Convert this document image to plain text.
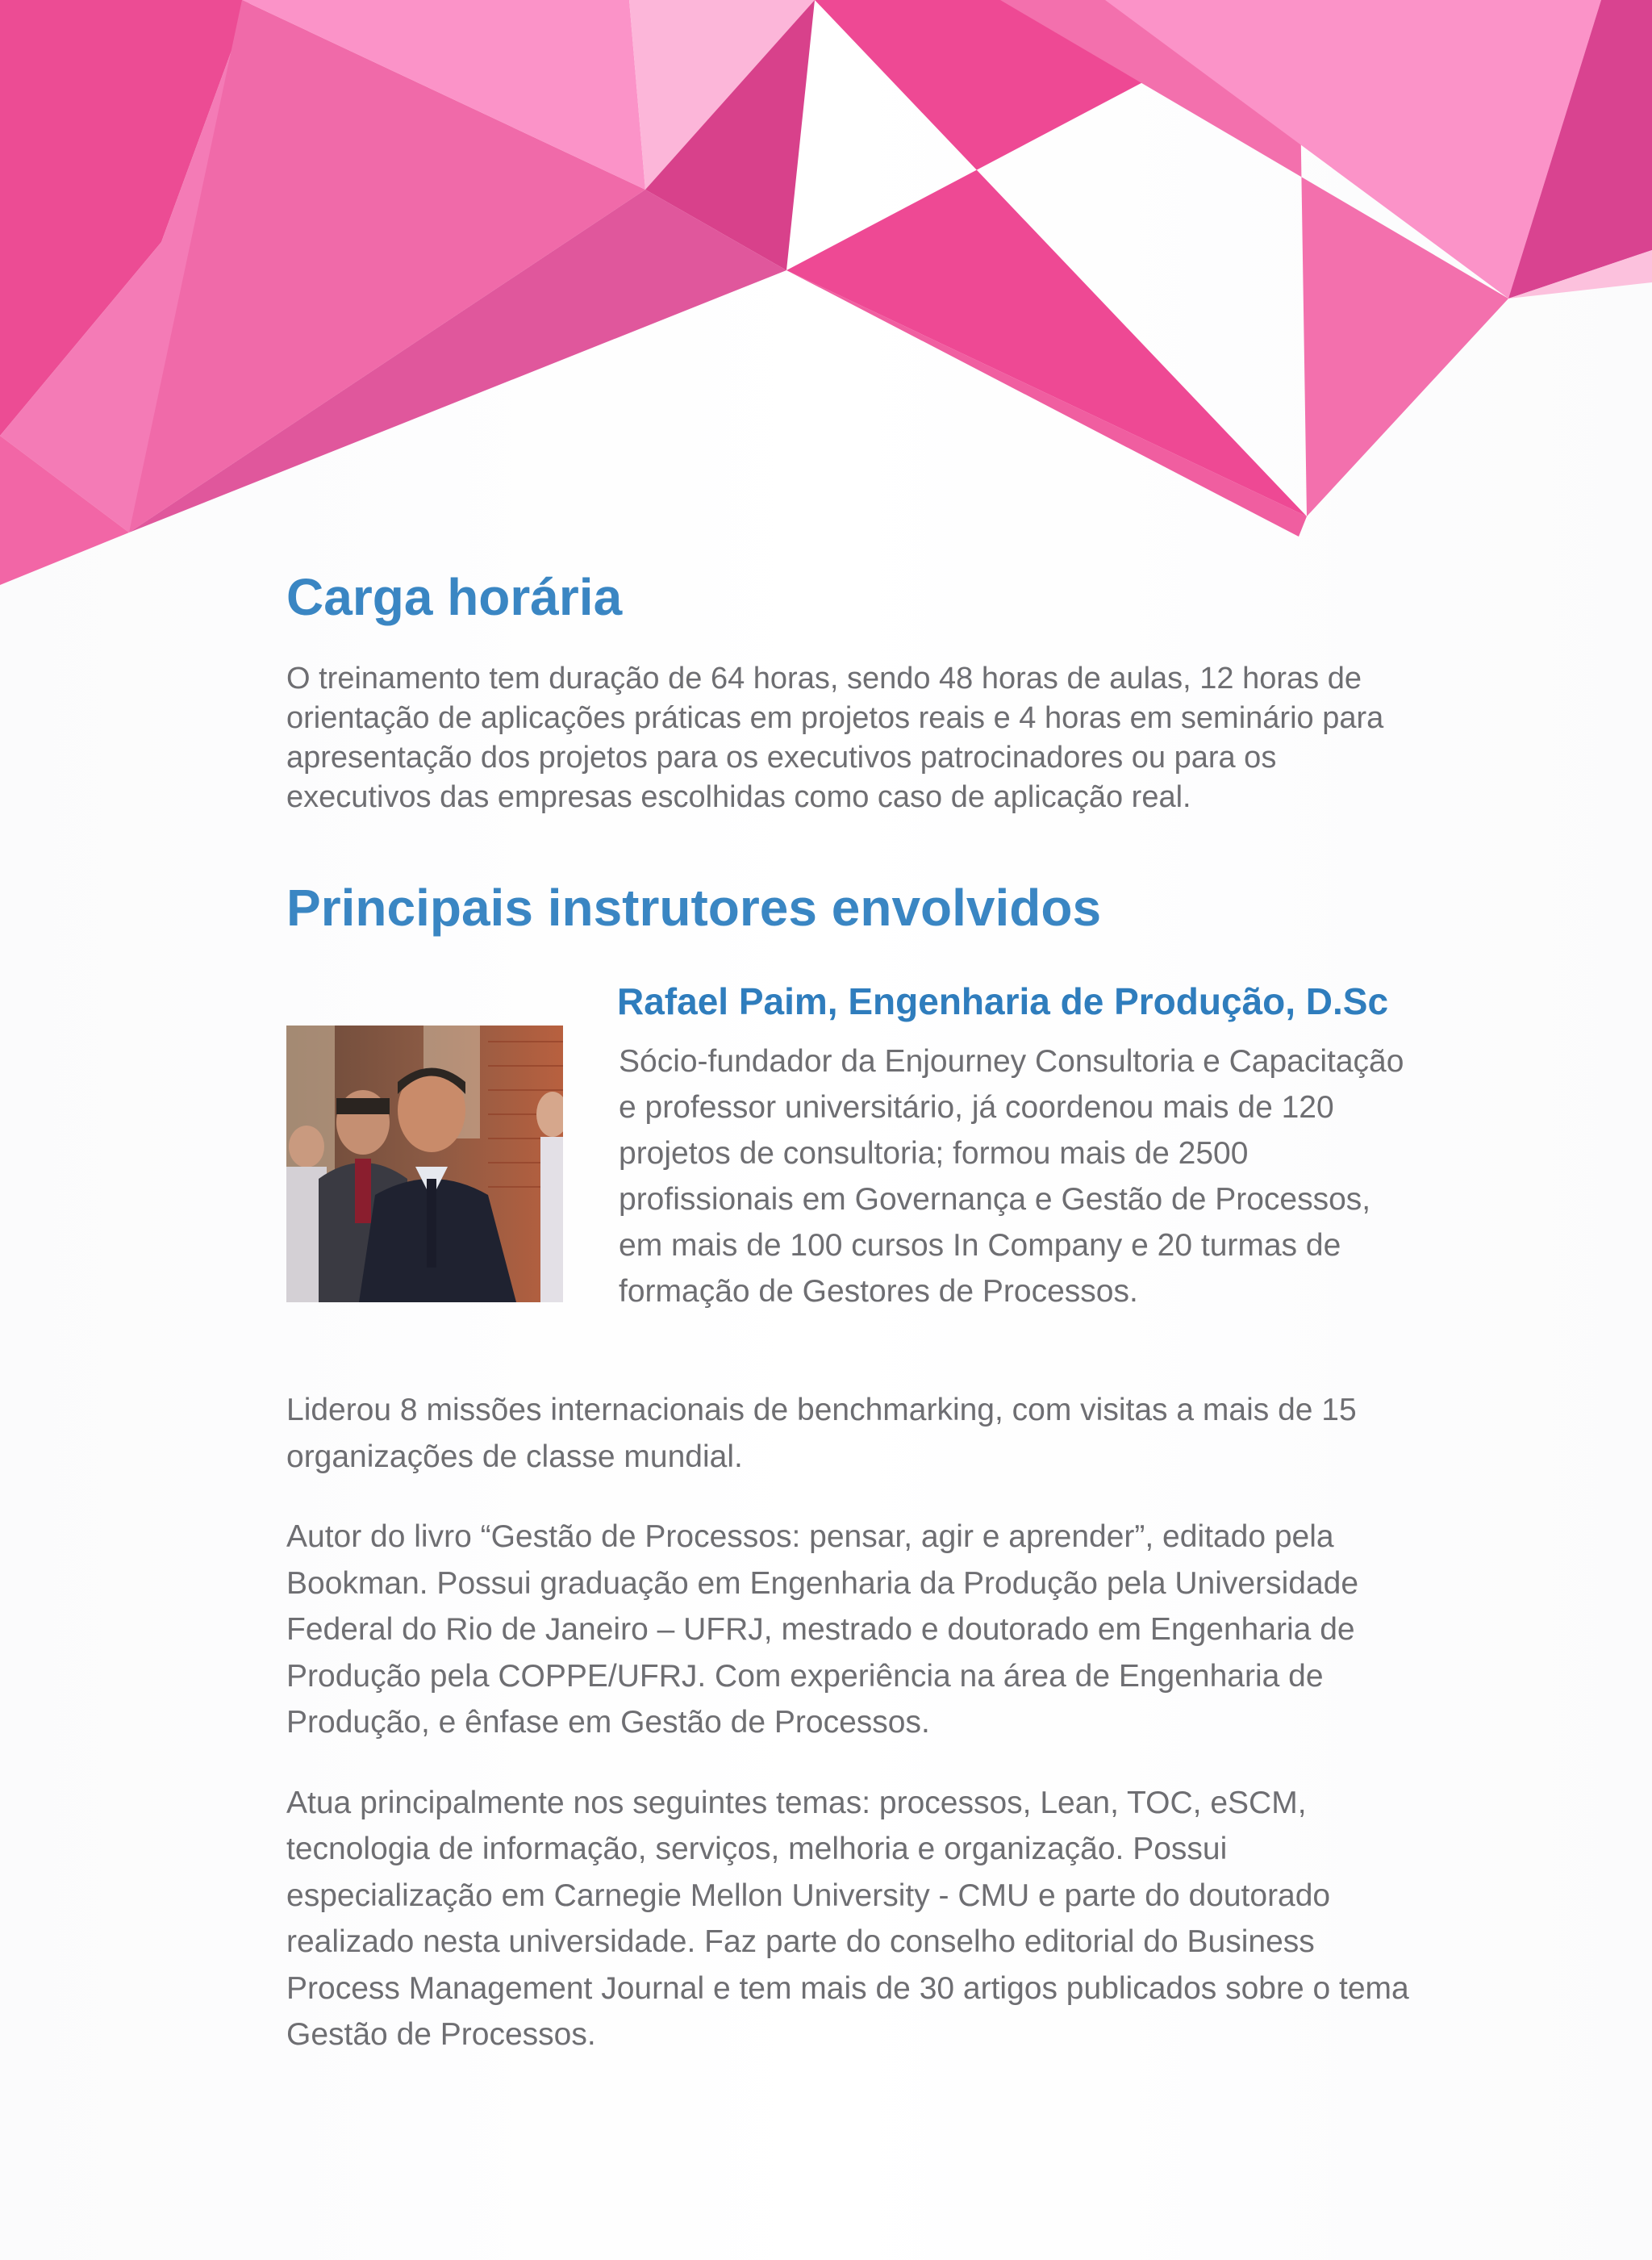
Carga horária

O treinamento tem duração de 64 horas, sendo 48 horas de aulas, 12 horas de orientação de aplicações práticas em projetos reais e 4 horas em seminário para apresentação dos projetos para os executivos patrocinadores ou para os executivos das empresas escolhidas como caso de aplicação real.

Principais instrutores envolvidos
Rafael Paim, Engenharia de Produção, D.Sc

Sócio-fundador da Enjourney Consultoria e Capacitação e professor universitário, já coordenou mais de 120 projetos de consultoria; formou mais de 2500 profissionais em Governança e Gestão de Processos, em mais de 100 cursos In Company e 20 turmas de formação de Gestores de Processos.

Liderou 8 missões internacionais de benchmarking, com visitas a mais de 15 organizações de classe mundial.

Autor do livro “Gestão de Processos: pensar, agir e aprender”, editado pela Bookman. Possui graduação em Engenharia da Produção pela Universidade Federal do Rio de Janeiro – UFRJ, mestrado e doutorado em Engenharia de Produção pela COPPE/UFRJ. Com experiência na área de Engenharia de Produção, e ênfase em Gestão de Processos.

Atua principalmente nos seguintes temas: processos, Lean, TOC, eSCM, tecnologia de informação, serviços, melhoria e organização. Possui especialização em Carnegie Mellon University - CMU e parte do doutorado realizado nesta universidade. Faz parte do conselho editorial do Business Process Management Journal e tem mais de 30 artigos publicados sobre o tema Gestão de Processos.
